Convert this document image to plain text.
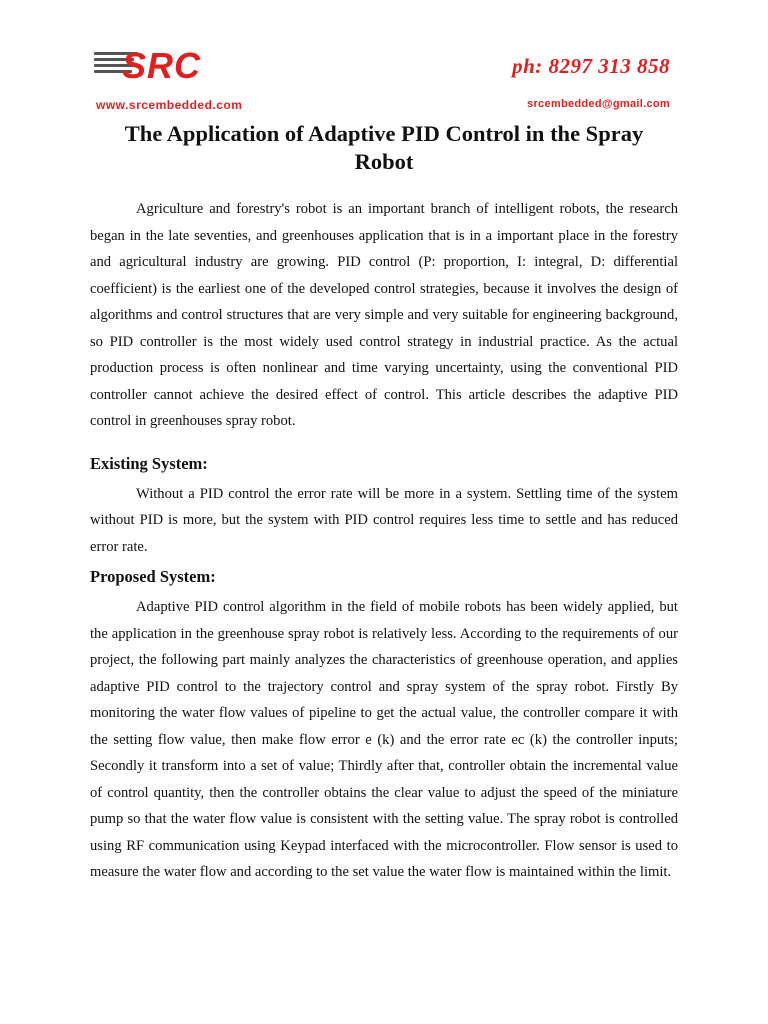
SRC
www.srcembedded.com
ph: 8297 313 858
srcembedded@gmail.com
The Application of Adaptive PID Control in the Spray Robot

Agriculture and forestry's robot is an important branch of intelligent robots, the research began in the late seventies, and greenhouses application that is in a important place in the forestry and agricultural industry are growing. PID control (P: proportion, I: integral, D: differential coefficient) is the earliest one of the developed control strategies, because it involves the design of algorithms and control structures that are very simple and very suitable for engineering background, so PID controller is the most widely used control strategy in industrial practice. As the actual production process is often nonlinear and time varying uncertainty, using the conventional PID controller cannot achieve the desired effect of control. This article describes the adaptive PID control in greenhouses spray robot.

Existing System:

Without a PID control the error rate will be more in a system. Settling time of the system without PID is more, but the system with PID control requires less time to settle and has reduced error rate.

Proposed System:

Adaptive PID control algorithm in the field of mobile robots has been widely applied, but the application in the greenhouse spray robot is relatively less. According to the requirements of our project, the following part mainly analyzes the characteristics of greenhouse operation, and applies adaptive PID control to the trajectory control and spray system of the spray robot. Firstly By monitoring the water flow values of pipeline to get the actual value, the controller compare it with the setting flow value, then make flow error e (k) and the error rate ec (k) the controller inputs; Secondly it transform into a set of value; Thirdly after that, controller obtain the incremental value of control quantity, then the controller obtains the clear value to adjust the speed of the miniature pump so that the water flow value is consistent with the setting value. The spray robot is controlled using RF communication using Keypad interfaced with the microcontroller. Flow sensor is used to measure the water flow and according to the set value the water flow is maintained within the limit.
